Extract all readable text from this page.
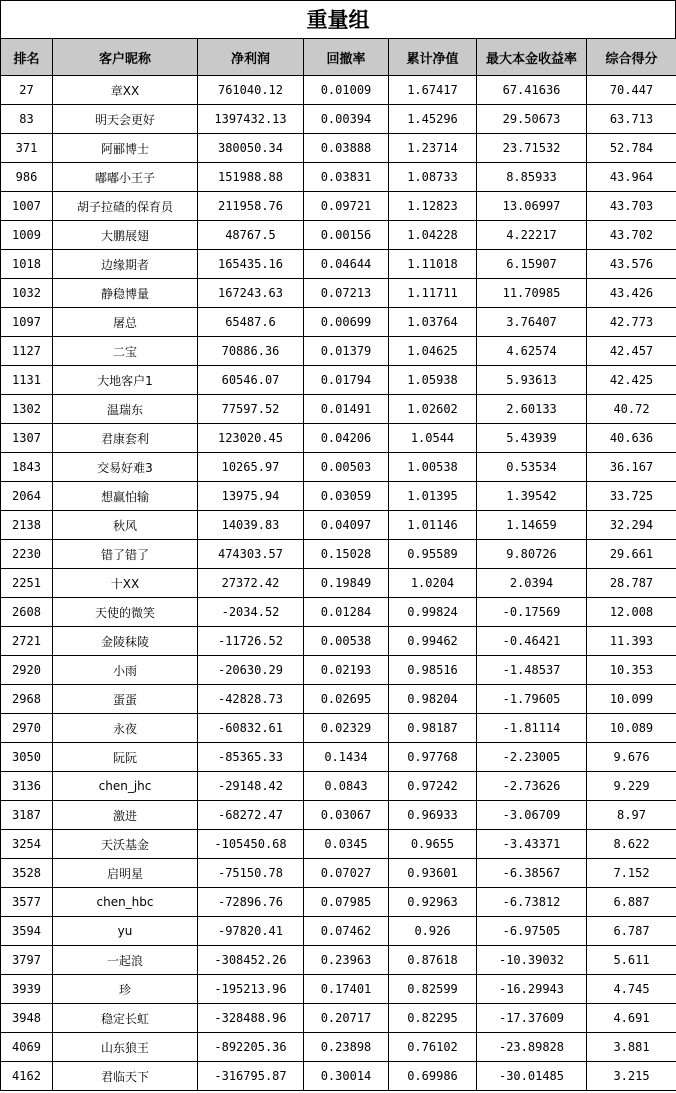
重量组
排名	客户昵称	净利润	回撤率	累计净值	最大本金收益率	综合得分
27	章XX	761040.12	0.01009	1.67417	67.41636	70.447
83	明天会更好	1397432.13	0.00394	1.45296	29.50673	63.713
371	阿郦博士	380050.34	0.03888	1.23714	23.71532	52.784
986	嘟嘟小王子	151988.88	0.03831	1.08733	8.85933	43.964
1007	胡子拉碴的保育员	211958.76	0.09721	1.12823	13.06997	43.703
1009	大鹏展翅	48767.5	0.00156	1.04228	4.22217	43.702
1018	边缘期者	165435.16	0.04644	1.11018	6.15907	43.576
1032	静稳博量	167243.63	0.07213	1.11711	11.70985	43.426
1097	屠总	65487.6	0.00699	1.03764	3.76407	42.773
1127	二宝	70886.36	0.01379	1.04625	4.62574	42.457
1131	大地客户1	60546.07	0.01794	1.05938	5.93613	42.425
1302	温瑞东	77597.52	0.01491	1.02602	2.60133	40.72
1307	君康套利	123020.45	0.04206	1.0544	5.43939	40.636
1843	交易好难3	10265.97	0.00503	1.00538	0.53534	36.167
2064	想赢怕输	13975.94	0.03059	1.01395	1.39542	33.725
2138	秋风	14039.83	0.04097	1.01146	1.14659	32.294
2230	错了错了	474303.57	0.15028	0.95589	9.80726	29.661
2251	十XX	27372.42	0.19849	1.0204	2.0394	28.787
2608	天使的微笑	-2034.52	0.01284	0.99824	-0.17569	12.008
2721	金陵秣陵	-11726.52	0.00538	0.99462	-0.46421	11.393
2920	小雨	-20630.29	0.02193	0.98516	-1.48537	10.353
2968	蛋蛋	-42828.73	0.02695	0.98204	-1.79605	10.099
2970	永夜	-60832.61	0.02329	0.98187	-1.81114	10.089
3050	阮阮	-85365.33	0.1434	0.97768	-2.23005	9.676
3136	chen_jhc	-29148.42	0.0843	0.97242	-2.73626	9.229
3187	激进	-68272.47	0.03067	0.96933	-3.06709	8.97
3254	天沃基金	-105450.68	0.0345	0.9655	-3.43371	8.622
3528	启明星	-75150.78	0.07027	0.93601	-6.38567	7.152
3577	chen_hbc	-72896.76	0.07985	0.92963	-6.73812	6.887
3594	yu	-97820.41	0.07462	0.926	-6.97505	6.787
3797	一起浪	-308452.26	0.23963	0.87618	-10.39032	5.611
3939	珍	-195213.96	0.17401	0.82599	-16.29943	4.745
3948	稳定长虹	-328488.96	0.20717	0.82295	-17.37609	4.691
4069	山东狼王	-892205.36	0.23898	0.76102	-23.89828	3.881
4162	君临天下	-316795.87	0.30014	0.69986	-30.01485	3.215
